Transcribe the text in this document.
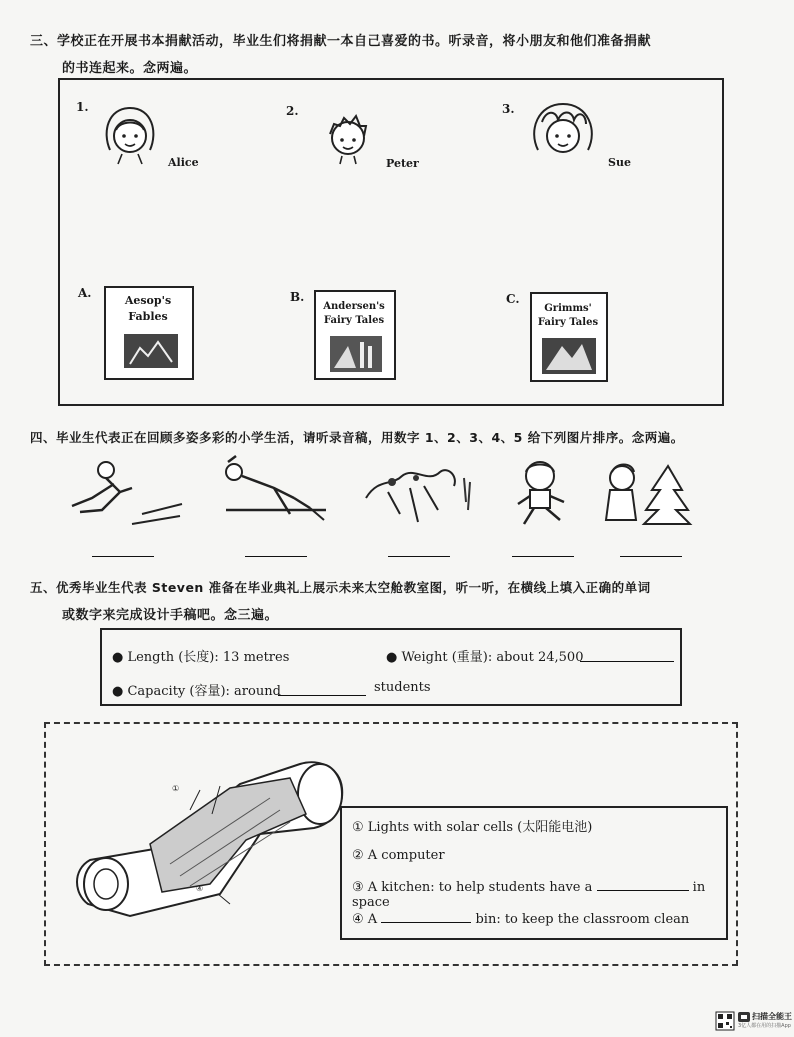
三、学校正在开展书本捐献活动，毕业生们将捐献一本自己喜爱的书。听录音，将小朋友和他们准备捐献
的书连起来。念两遍。
1.
Alice
2.
Peter
3.
Sue
A.
Aesop's
Fables
B.
Andersen's
Fairy Tales
C.
Grimms'
Fairy Tales
四、毕业生代表正在回顾多姿多彩的小学生活，请听录音稿，用数字 1、2、3、4、5 给下列图片排序。念两遍。
五、优秀毕业生代表 Steven 准备在毕业典礼上展示未来太空舱教室图，听一听，在横线上填入正确的单词
或数字来完成设计手稿吧。念三遍。
● Length (长度): 13 metres	● Weight (重量): about 24,500
● Capacity (容量): around	students
①
④
① Lights with solar cells (太阳能电池)
② A computer
③ A kitchen: to help students have a	in space
④ A	bin: to keep the classroom clean
扫描全能王
3亿人都在用的扫描App
